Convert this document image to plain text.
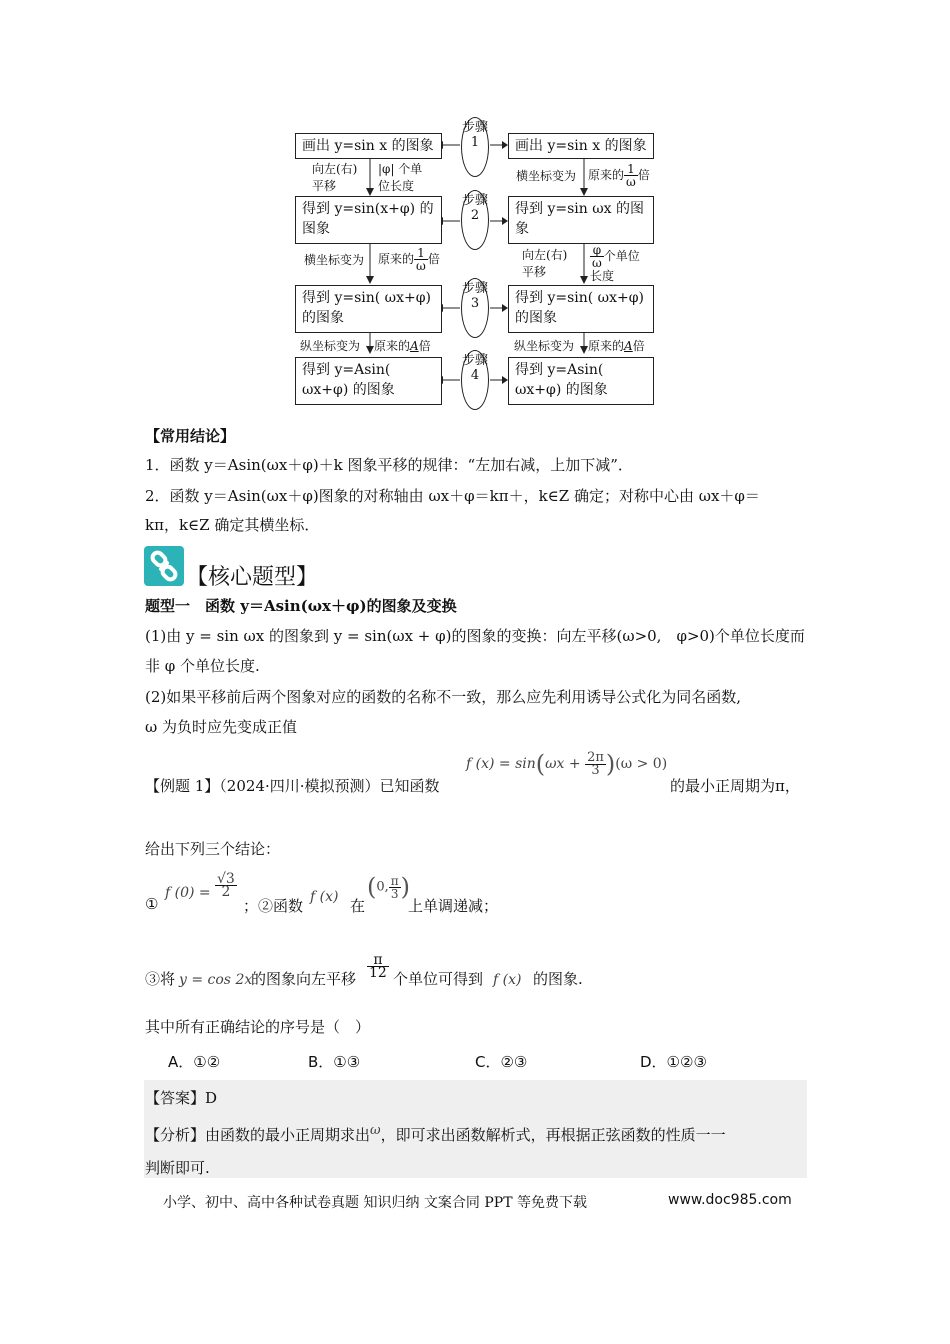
画出 y=sin x 的图象
得到 y=sin(x+φ) 的图象
得到 y=sin( ωx+φ) 的图象
得到 y=Asin( ωx+φ) 的图象
画出 y=sin x 的图象
得到 y=sin ωx 的图象
得到 y=sin( ωx+φ) 的图象
得到 y=Asin( ωx+φ) 的图象
步骤1
步骤2
步骤3
步骤4
向左(右)
平移
|φ| 个单
位长度
横坐标变为 原来的 $\frac{1}{\omega}$ 倍
纵坐标变为 原来的A倍
横坐标变为 原来的 $\frac{1}{\omega}$ 倍
向左(右)
平移
$\frac{\varphi}{\omega}$ 个单位
长度
纵坐标变为 原来的A倍
【常用结论】
1．函数 y＝Asin(ωx＋φ)＋k 图象平移的规律：“左加右减，上加下减”．
2．函数 y＝Asin(ωx＋φ)图象的对称轴由 ωx＋φ＝kπ＋，k∈Z 确定；对称中心由 ωx＋φ＝
kπ，k∈Z 确定其横坐标．
【核心题型】
题型一　函数 y＝Asin(ωx＋φ)的图象及变换
(1)由 y = sin ωx 的图象到 y = sin(ωx + φ)的图象的变换：向左平移(ω>0,　φ>0)个单位长度而
非 φ 个单位长度.
(2)如果平移前后两个图象对应的函数的名称不一致，那么应先利用诱导公式化为同名函数,
ω 为负时应先变成正值
【例题 1】（2024·四川·模拟预测）已知函数
f $(x) = \sin(\omega x + \frac{2\pi}{3} )(\omega > 0)$
的最小正周期为π，
给出下列三个结论：
①
f $(0) = \frac{√3}{2}$
；②函数 f (x) 在
(0, $\frac{\pi}{3}$ )
上单调递减；
③将 y = cos 2x
的图象向左平移 $\frac{\pi}{12}$ 个单位可得到 f (x) 的图象.
其中所有正确结论的序号是（　）
A．①②	B．①③	C．②③	D．①②③
【答案】D
【分析】由函数的最小正周期求出ω，即可求出函数解析式，再根据正弦函数的性质一一
判断即可.
小学、初中、高中各种试卷真题 知识归纳 文案合同 PPT 等免费下载	www.doc985.com
